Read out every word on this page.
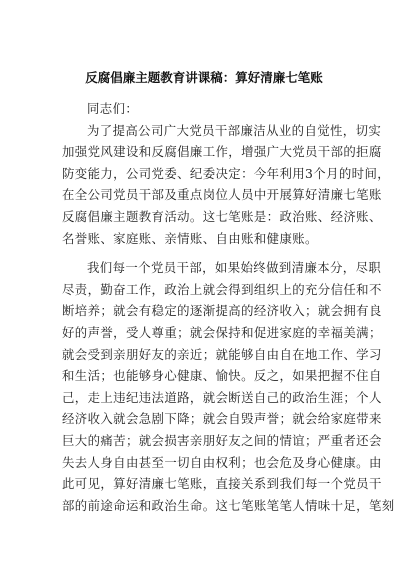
反腐倡廉主题教育讲课稿：算好清廉七笔账
同志们：
为了提高公司广大党员干部廉洁从业的自觉性，切实
加强党风建设和反腐倡廉工作，增强广大党员干部的拒腐
防变能力，公司党委、纪委决定：今年利用3个月的时间，
在全公司党员干部及重点岗位人员中开展算好清廉七笔账
反腐倡廉主题教育活动。这七笔账是：政治账、经济账、
名誉账、家庭账、亲情账、自由账和健康账。
我们每一个党员干部，如果始终做到清廉本分，尽职
尽责，勤奋工作，政治上就会得到组织上的充分信任和不
断培养；就会有稳定的逐渐提高的经济收入；就会拥有良
好的声誉，受人尊重；就会保持和促进家庭的幸福美满；
就会受到亲朋好友的亲近；就能够自由自在地工作、学习
和生活；也能够身心健康、愉快。反之，如果把握不住自
己，走上违纪违法道路，就会断送自己的政治生涯；个人
经济收入就会急剧下降；就会自毁声誉；就会给家庭带来
巨大的痛苦；就会损害亲朋好友之间的情谊；严重者还会
失去人身自由甚至一切自由权利；也会危及身心健康。由
此可见，算好清廉七笔账，直接关系到我们每一个党员干
部的前途命运和政治生命。这七笔账笔笔人情味十足，笔刻
